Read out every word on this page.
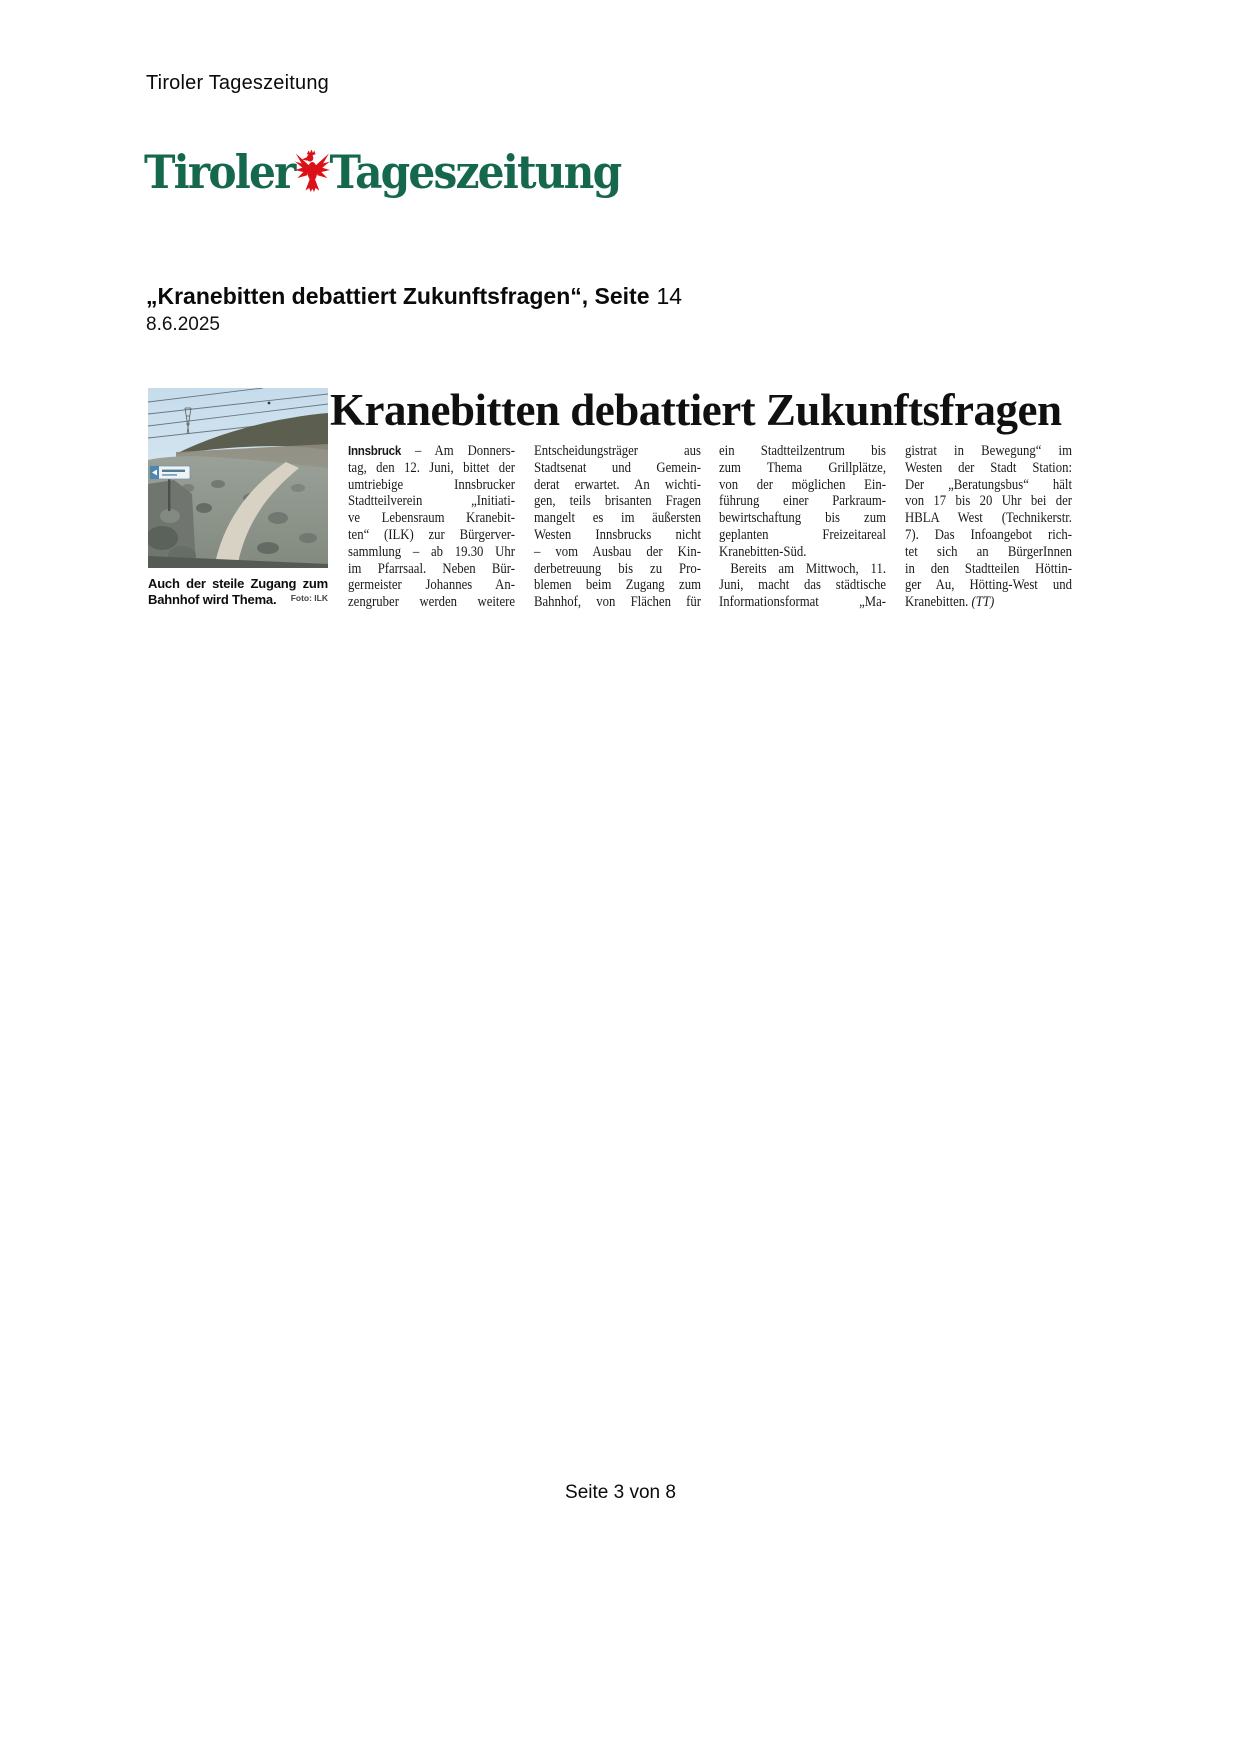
Tiroler Tageszeitung
Tiroler Tageszeitung
„Kranebitten debattiert Zukunftsfragen“, Seite 14
8.6.2025
Auch der steile Zugang zum Bahnhof wird Thema.	Foto: ILK
Kranebitten debattiert Zukunftsfragen
Innsbruck – Am Donners-
tag, den 12. Juni, bittet der
umtriebige Innsbrucker
Stadtteilverein „Initiati-
ve Lebensraum Kranebit-
ten“ (ILK) zur Bürgerver-
sammlung – ab 19.30 Uhr
im Pfarrsaal. Neben Bür-
germeister Johannes An-
zengruber werden weitere
Entscheidungsträger aus
Stadtsenat und Gemein-
derat erwartet. An wichti-
gen, teils brisanten Fragen
mangelt es im äußersten
Westen Innsbrucks nicht
– vom Ausbau der Kin-
derbetreuung bis zu Pro-
blemen beim Zugang zum
Bahnhof, von Flächen für
ein Stadtteilzentrum bis
zum Thema Grillplätze,
von der möglichen Ein-
führung einer Parkraum-
bewirtschaftung bis zum
geplanten Freizeitareal
Kranebitten-Süd.
Bereits am Mittwoch, 11.
Juni, macht das städtische
Informationsformat „Ma-
gistrat in Bewegung“ im
Westen der Stadt Station:
Der „Beratungsbus“ hält
von 17 bis 20 Uhr bei der
HBLA West (Technikerstr.
7). Das Infoangebot rich-
tet sich an BürgerInnen
in den Stadtteilen Höttin-
ger Au, Hötting-West und
Kranebitten. (TT)
Seite 3 von 8
